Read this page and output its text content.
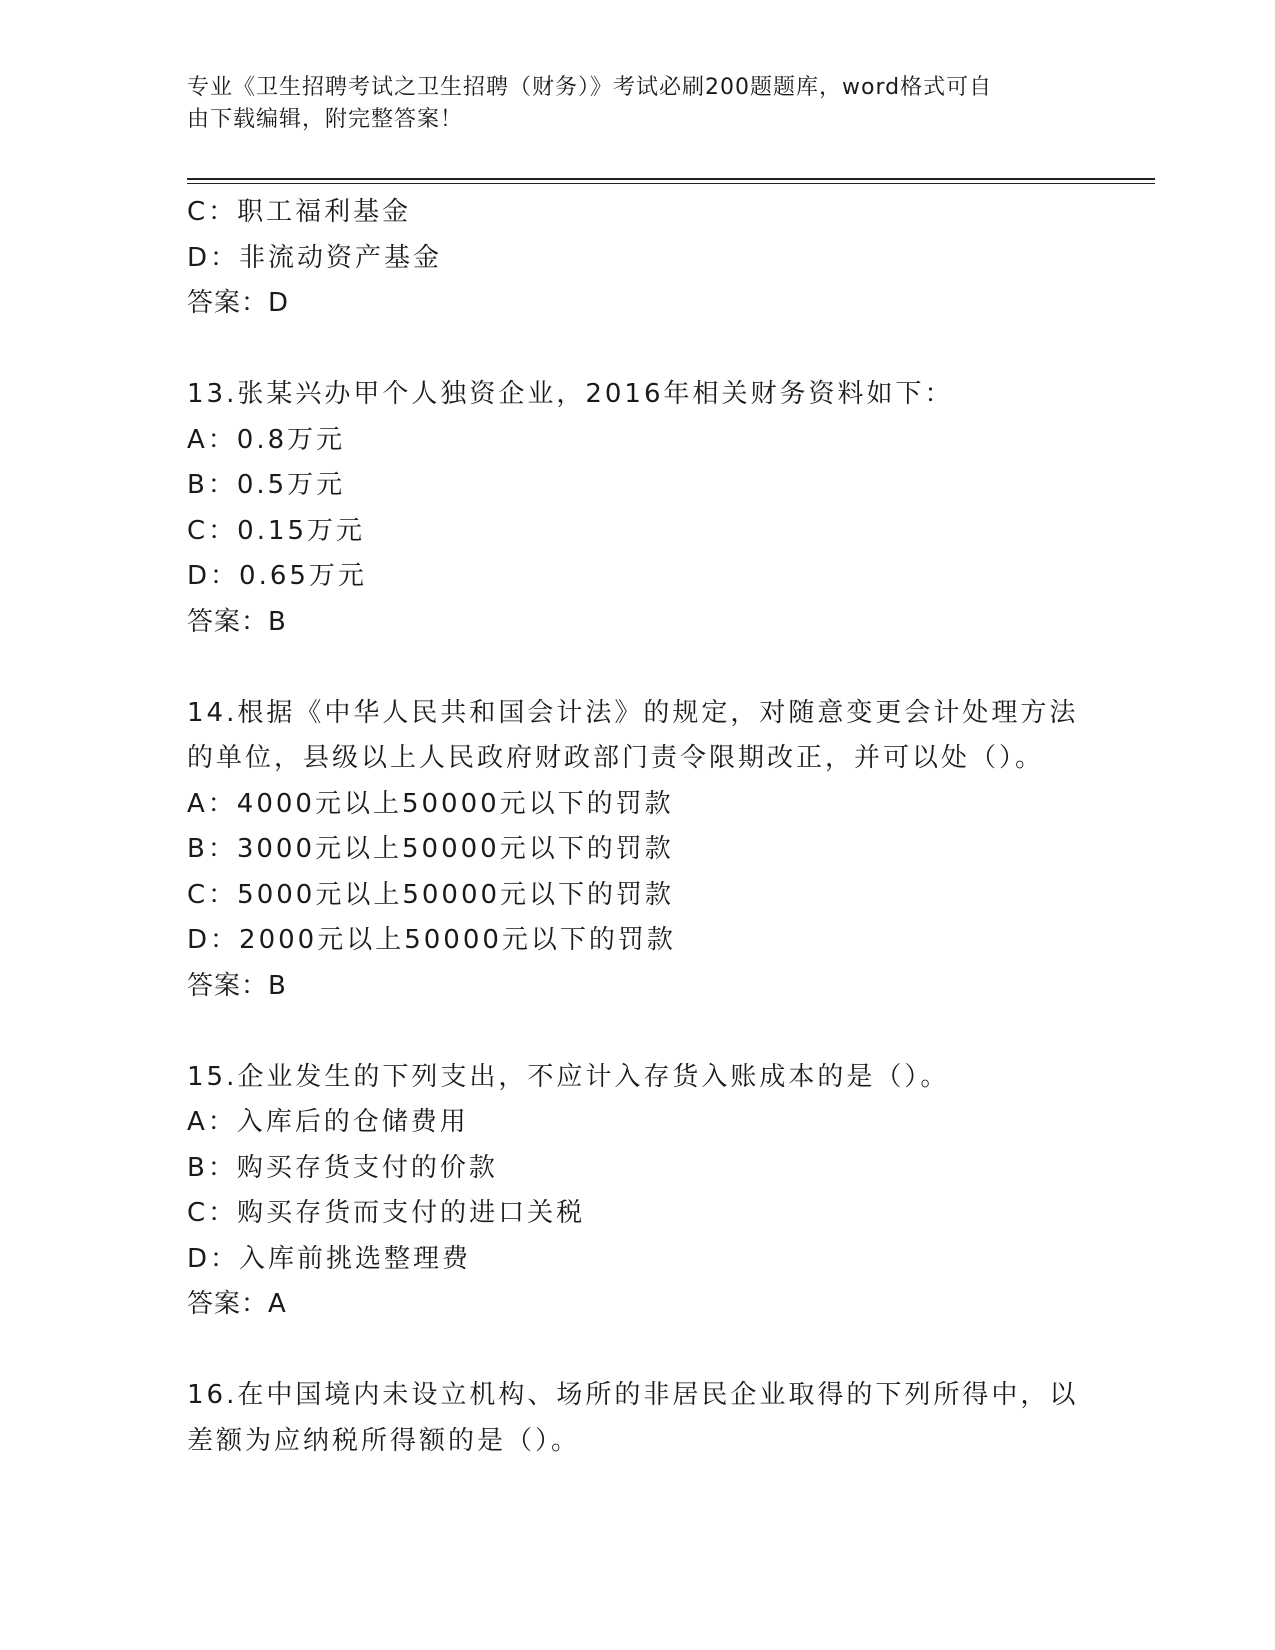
专业《卫生招聘考试之卫生招聘（财务）》考试必刷200题题库，word格式可自
由下载编辑，附完整答案！
C：职工福利基金
D：非流动资产基金
答案：D
13.张某兴办甲个人独资企业，2016年相关财务资料如下：
A：0.8万元
B：0.5万元
C：0.15万元
D：0.65万元
答案：B
14.根据《中华人民共和国会计法》的规定，对随意变更会计处理方法
的单位，县级以上人民政府财政部门责令限期改正，并可以处（）。
A：4000元以上50000元以下的罚款
B：3000元以上50000元以下的罚款
C：5000元以上50000元以下的罚款
D：2000元以上50000元以下的罚款
答案：B
15.企业发生的下列支出，不应计入存货入账成本的是（）。
A：入库后的仓储费用
B：购买存货支付的价款
C：购买存货而支付的进口关税
D：入库前挑选整理费
答案：A
16.在中国境内未设立机构、场所的非居民企业取得的下列所得中，以
差额为应纳税所得额的是（）。
